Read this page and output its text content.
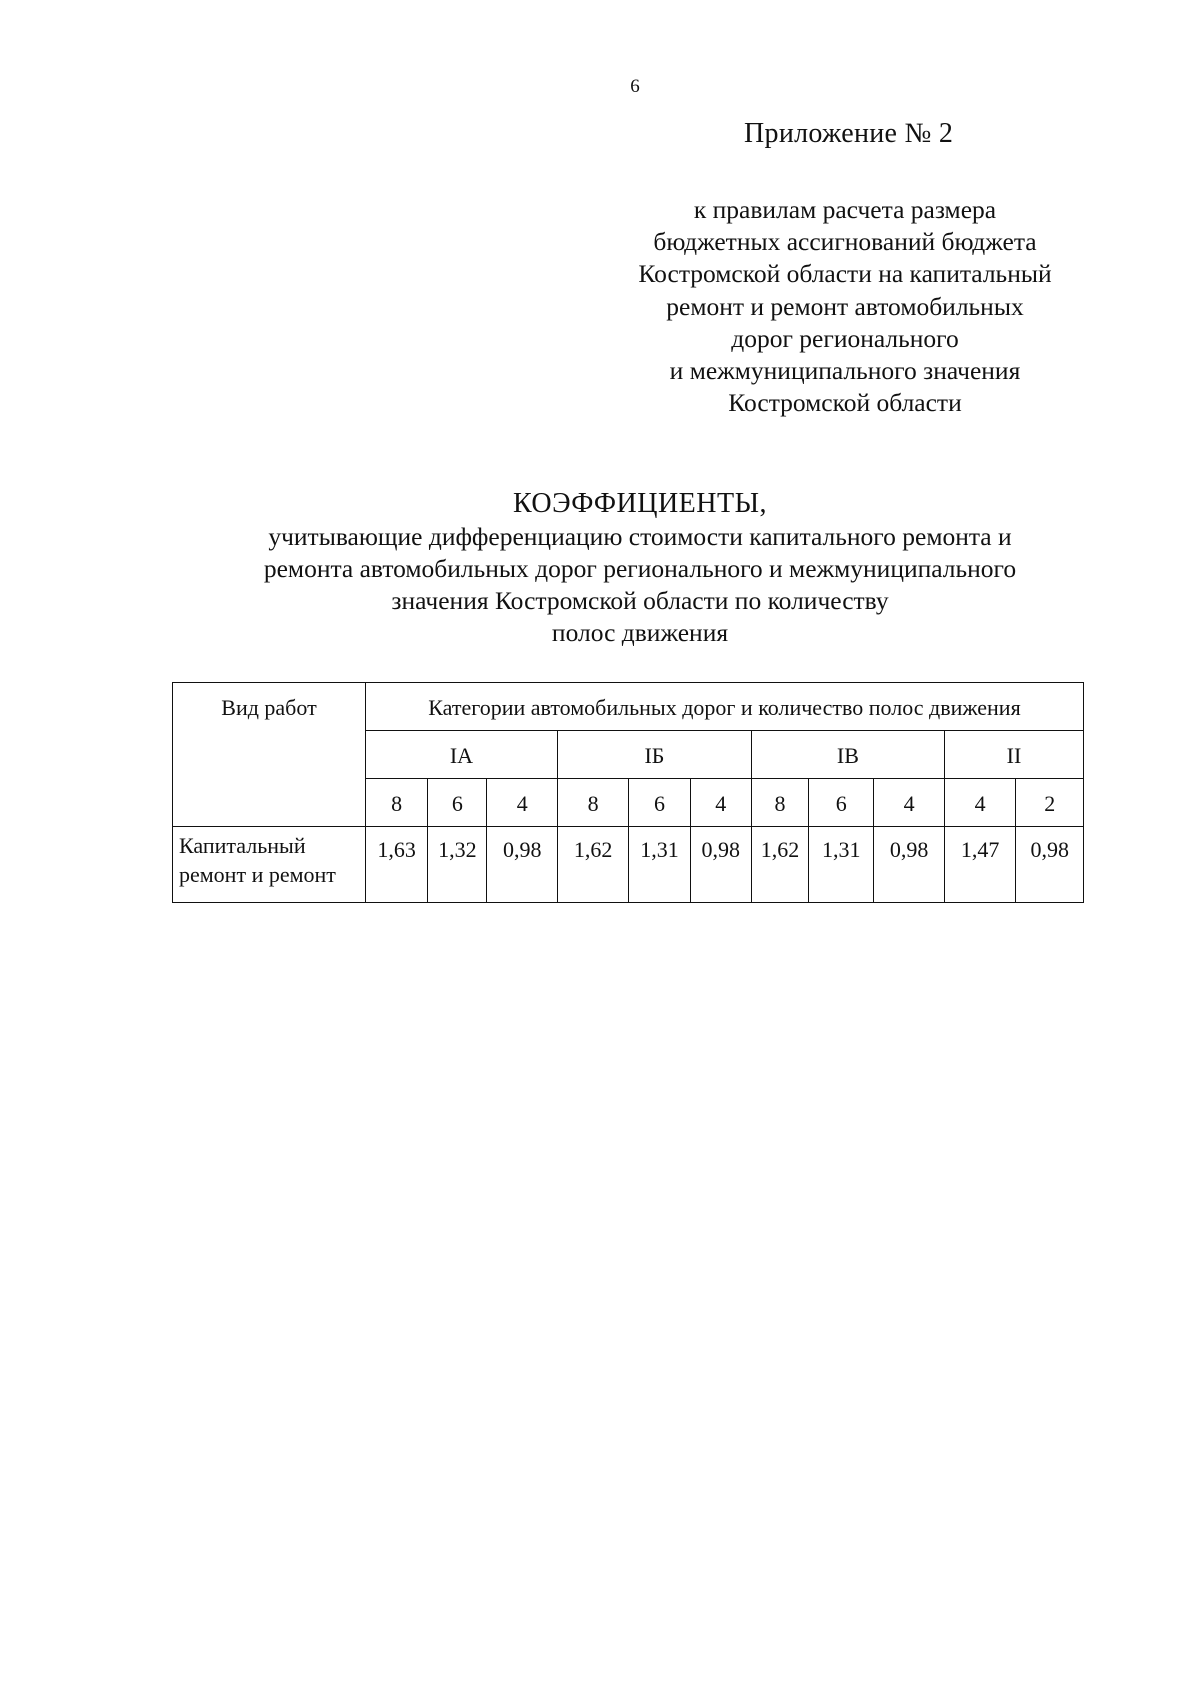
6
Приложение № 2
к правилам расчета размера
бюджетных ассигнований бюджета
Костромской области на капитальный
ремонт и ремонт автомобильных
дорог регионального
и межмуниципального значения
Костромской области
КОЭФФИЦИЕНТЫ,
учитывающие дифференциацию стоимости капитального ремонта и
ремонта автомобильных дорог регионального и межмуниципального
значения Костромской области по количеству
полос движения
Вид работ	Категории автомобильных дорог и количество полос движения										
	IА			IБ			IВ			II	
	8	6	4	8	6	4	8	6	4	4	2

Капитальный
ремонт и ремонт	1,63	1,32	0,98	1,62	1,31	0,98	1,62	1,31	0,98	1,47	0,98
